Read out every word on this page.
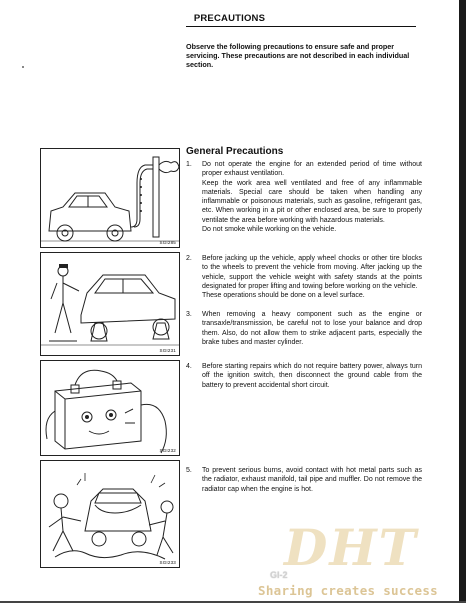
PRECAUTIONS
Observe the following precautions to ensure safe and proper servicing. These precautions are not described in each individual section.
General Precautions
SGI285
SGI231
SGI232
SGI233
1. Do not operate the engine for an extended period of time without proper exhaust ventilation.

Keep the work area well ventilated and free of any inflammable materials. Special care should be taken when handling any inflammable or poisonous materials, such as gasoline, refrigerant gas, etc. When working in a pit or other enclosed area, be sure to properly ventilate the area before working with hazardous materials.

Do not smoke while working on the vehicle.

2. Before jacking up the vehicle, apply wheel chocks or other tire blocks to the wheels to prevent the vehicle from moving. After jacking up the vehicle, support the vehicle weight with safety stands at the points designated for proper lifting and towing before working on the vehicle.

These operations should be done on a level surface.

3. When removing a heavy component such as the engine or transaxle/transmission, be careful not to lose your balance and drop them. Also, do not allow them to strike adjacent parts, especially the brake tubes and master cylinder.

4. Before starting repairs which do not require battery power, always turn off the ignition switch, then disconnect the ground cable from the battery to prevent accidental short circuit.

5. To prevent serious burns, avoid contact with hot metal parts such as the radiator, exhaust manifold, tail pipe and muffler. Do not remove the radiator cap when the engine is hot.

DHT
GI-2
Sharing creates success
